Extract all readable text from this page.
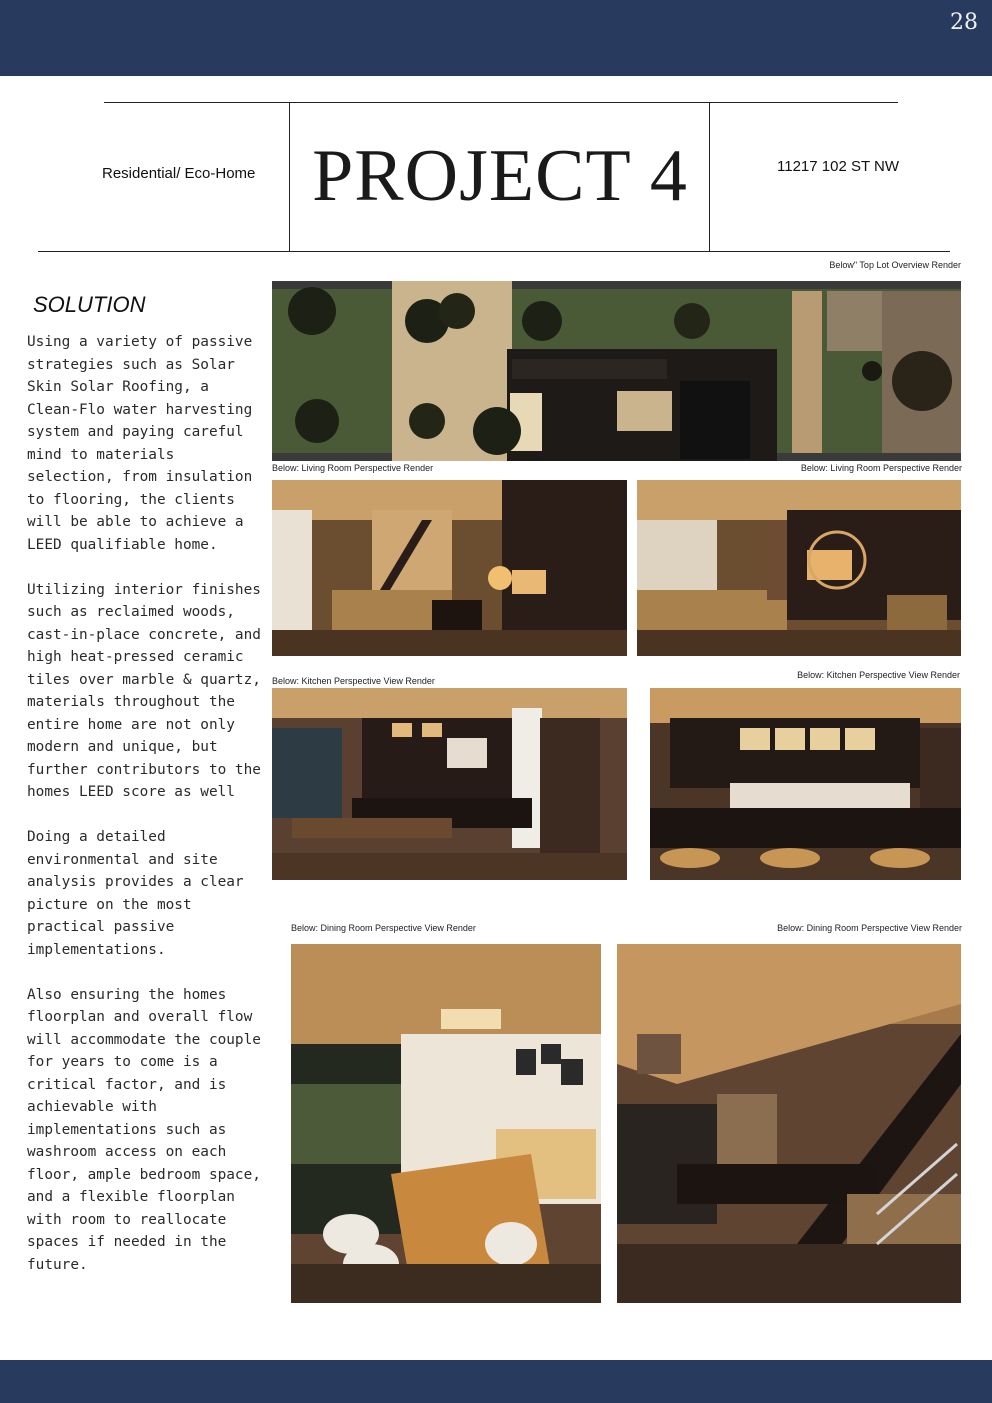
28
Residential/ Eco-Home PROJECT 4	11217 102 ST NW
SOLUTION

Using a variety of passive strategies such as Solar Skin Solar Roofing, a Clean-Flo water harvesting system and paying careful mind to materials selection, from insulation to flooring, the clients will be able to achieve a LEED qualifiable home.

Utilizing interior finishes such as reclaimed woods, cast-in-place concrete, and high heat-pressed ceramic tiles over marble & quartz, materials throughout the entire home are not only modern and unique, but further contributors to the homes LEED score as well

Doing a detailed environmental and site analysis provides a clear picture on the most practical passive implementations.

Also ensuring the homes floorplan and overall flow will accommodate the couple for years to come is a critical factor, and is achievable with implementations such as washroom access on each floor, ample bedroom space, and a flexible floorplan with room to reallocate spaces if needed in the future.

Below" Top Lot Overview Render
Below: Living Room Perspective Render	Below: Living Room Perspective Render
Below: Kitchen Perspective View Render
Below: Kitchen Perspective View Render
Below: Dining Room Perspective View Render	Below: Dining Room Perspective View Render
